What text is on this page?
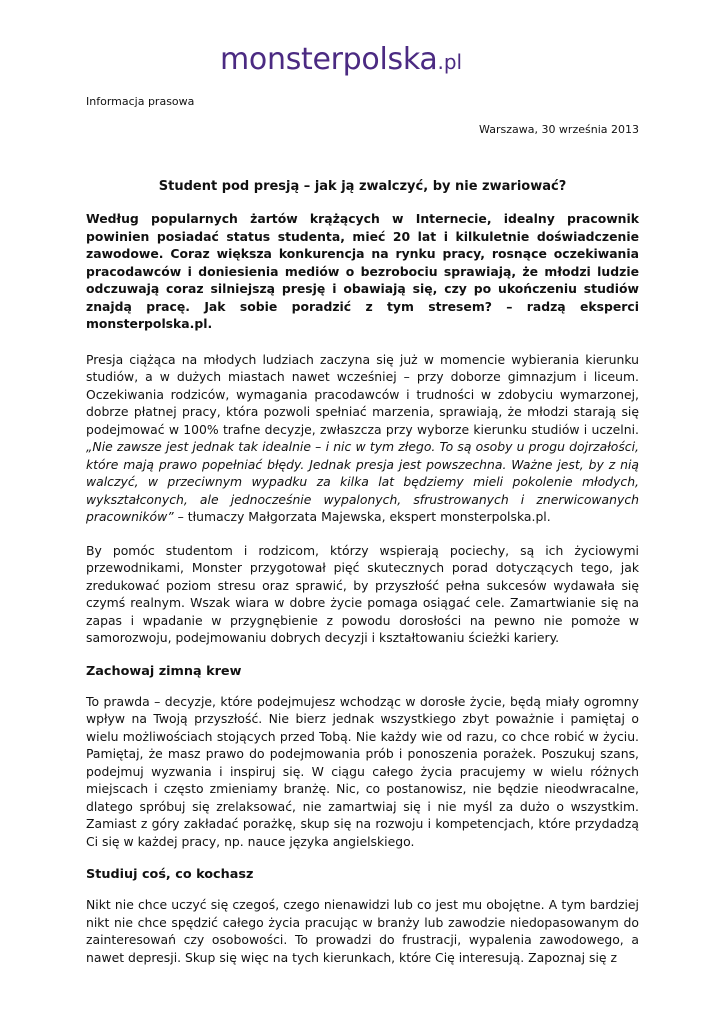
monsterpolska.pl
Informacja prasowa
Warszawa, 30 września 2013
Student pod presją – jak ją zwalczyć, by nie zwariować?

Według popularnych żartów krążących w Internecie, idealny pracownik powinien posiadać status studenta, mieć 20 lat i kilkuletnie doświadczenie zawodowe. Coraz większa konkurencja na rynku pracy, rosnące oczekiwania pracodawców i doniesienia mediów o bezrobociu sprawiają, że młodzi ludzie odczuwają coraz silniejszą presję i obawiają się, czy po ukończeniu studiów znajdą pracę. Jak sobie poradzić z tym stresem? – radzą eksperci monsterpolska.pl.

Presja ciążąca na młodych ludziach zaczyna się już w momencie wybierania kierunku studiów, a w dużych miastach nawet wcześniej – przy doborze gimnazjum i liceum. Oczekiwania rodziców, wymagania pracodawców i trudności w zdobyciu wymarzonej, dobrze płatnej pracy, która pozwoli spełniać marzenia, sprawiają, że młodzi starają się podejmować w 100% trafne decyzje, zwłaszcza przy wyborze kierunku studiów i uczelni. „Nie zawsze jest jednak tak idealnie – i nic w tym złego. To są osoby u progu dojrzałości, które mają prawo popełniać błędy. Jednak presja jest powszechna. Ważne jest, by z nią walczyć, w przeciwnym wypadku za kilka lat będziemy mieli pokolenie młodych, wykształconych, ale jednocześnie wypalonych, sfrustrowanych i znerwicowanych pracowników” – tłumaczy Małgorzata Majewska, ekspert monsterpolska.pl.

By pomóc studentom i rodzicom, którzy wspierają pociechy, są ich życiowymi przewodnikami, Monster przygotował pięć skutecznych porad dotyczących tego, jak zredukować poziom stresu oraz sprawić, by przyszłość pełna sukcesów wydawała się czymś realnym. Wszak wiara w dobre życie pomaga osiągać cele. Zamartwianie się na zapas i wpadanie w przygnębienie z powodu dorosłości na pewno nie pomoże w samorozwoju, podejmowaniu dobrych decyzji i kształtowaniu ścieżki kariery.

Zachowaj zimną krew

To prawda – decyzje, które podejmujesz wchodząc w dorosłe życie, będą miały ogromny wpływ na Twoją przyszłość. Nie bierz jednak wszystkiego zbyt poważnie i pamiętaj o wielu możliwościach stojących przed Tobą. Nie każdy wie od razu, co chce robić w życiu. Pamiętaj, że masz prawo do podejmowania prób i ponoszenia porażek. Poszukuj szans, podejmuj wyzwania i inspiruj się. W ciągu całego życia pracujemy w wielu różnych miejscach i często zmieniamy branżę. Nic, co postanowisz, nie będzie nieodwracalne, dlatego spróbuj się zrelaksować, nie zamartwiaj się i nie myśl za dużo o wszystkim. Zamiast z góry zakładać porażkę, skup się na rozwoju i kompetencjach, które przydadzą Ci się w każdej pracy, np. nauce języka angielskiego.

Studiuj coś, co kochasz

Nikt nie chce uczyć się czegoś, czego nienawidzi lub co jest mu obojętne. A tym bardziej nikt nie chce spędzić całego życia pracując w branży lub zawodzie niedopasowanym do zainteresowań czy osobowości. To prowadzi do frustracji, wypalenia zawodowego, a nawet depresji. Skup się więc na tych kierunkach, które Cię interesują. Zapoznaj się z
